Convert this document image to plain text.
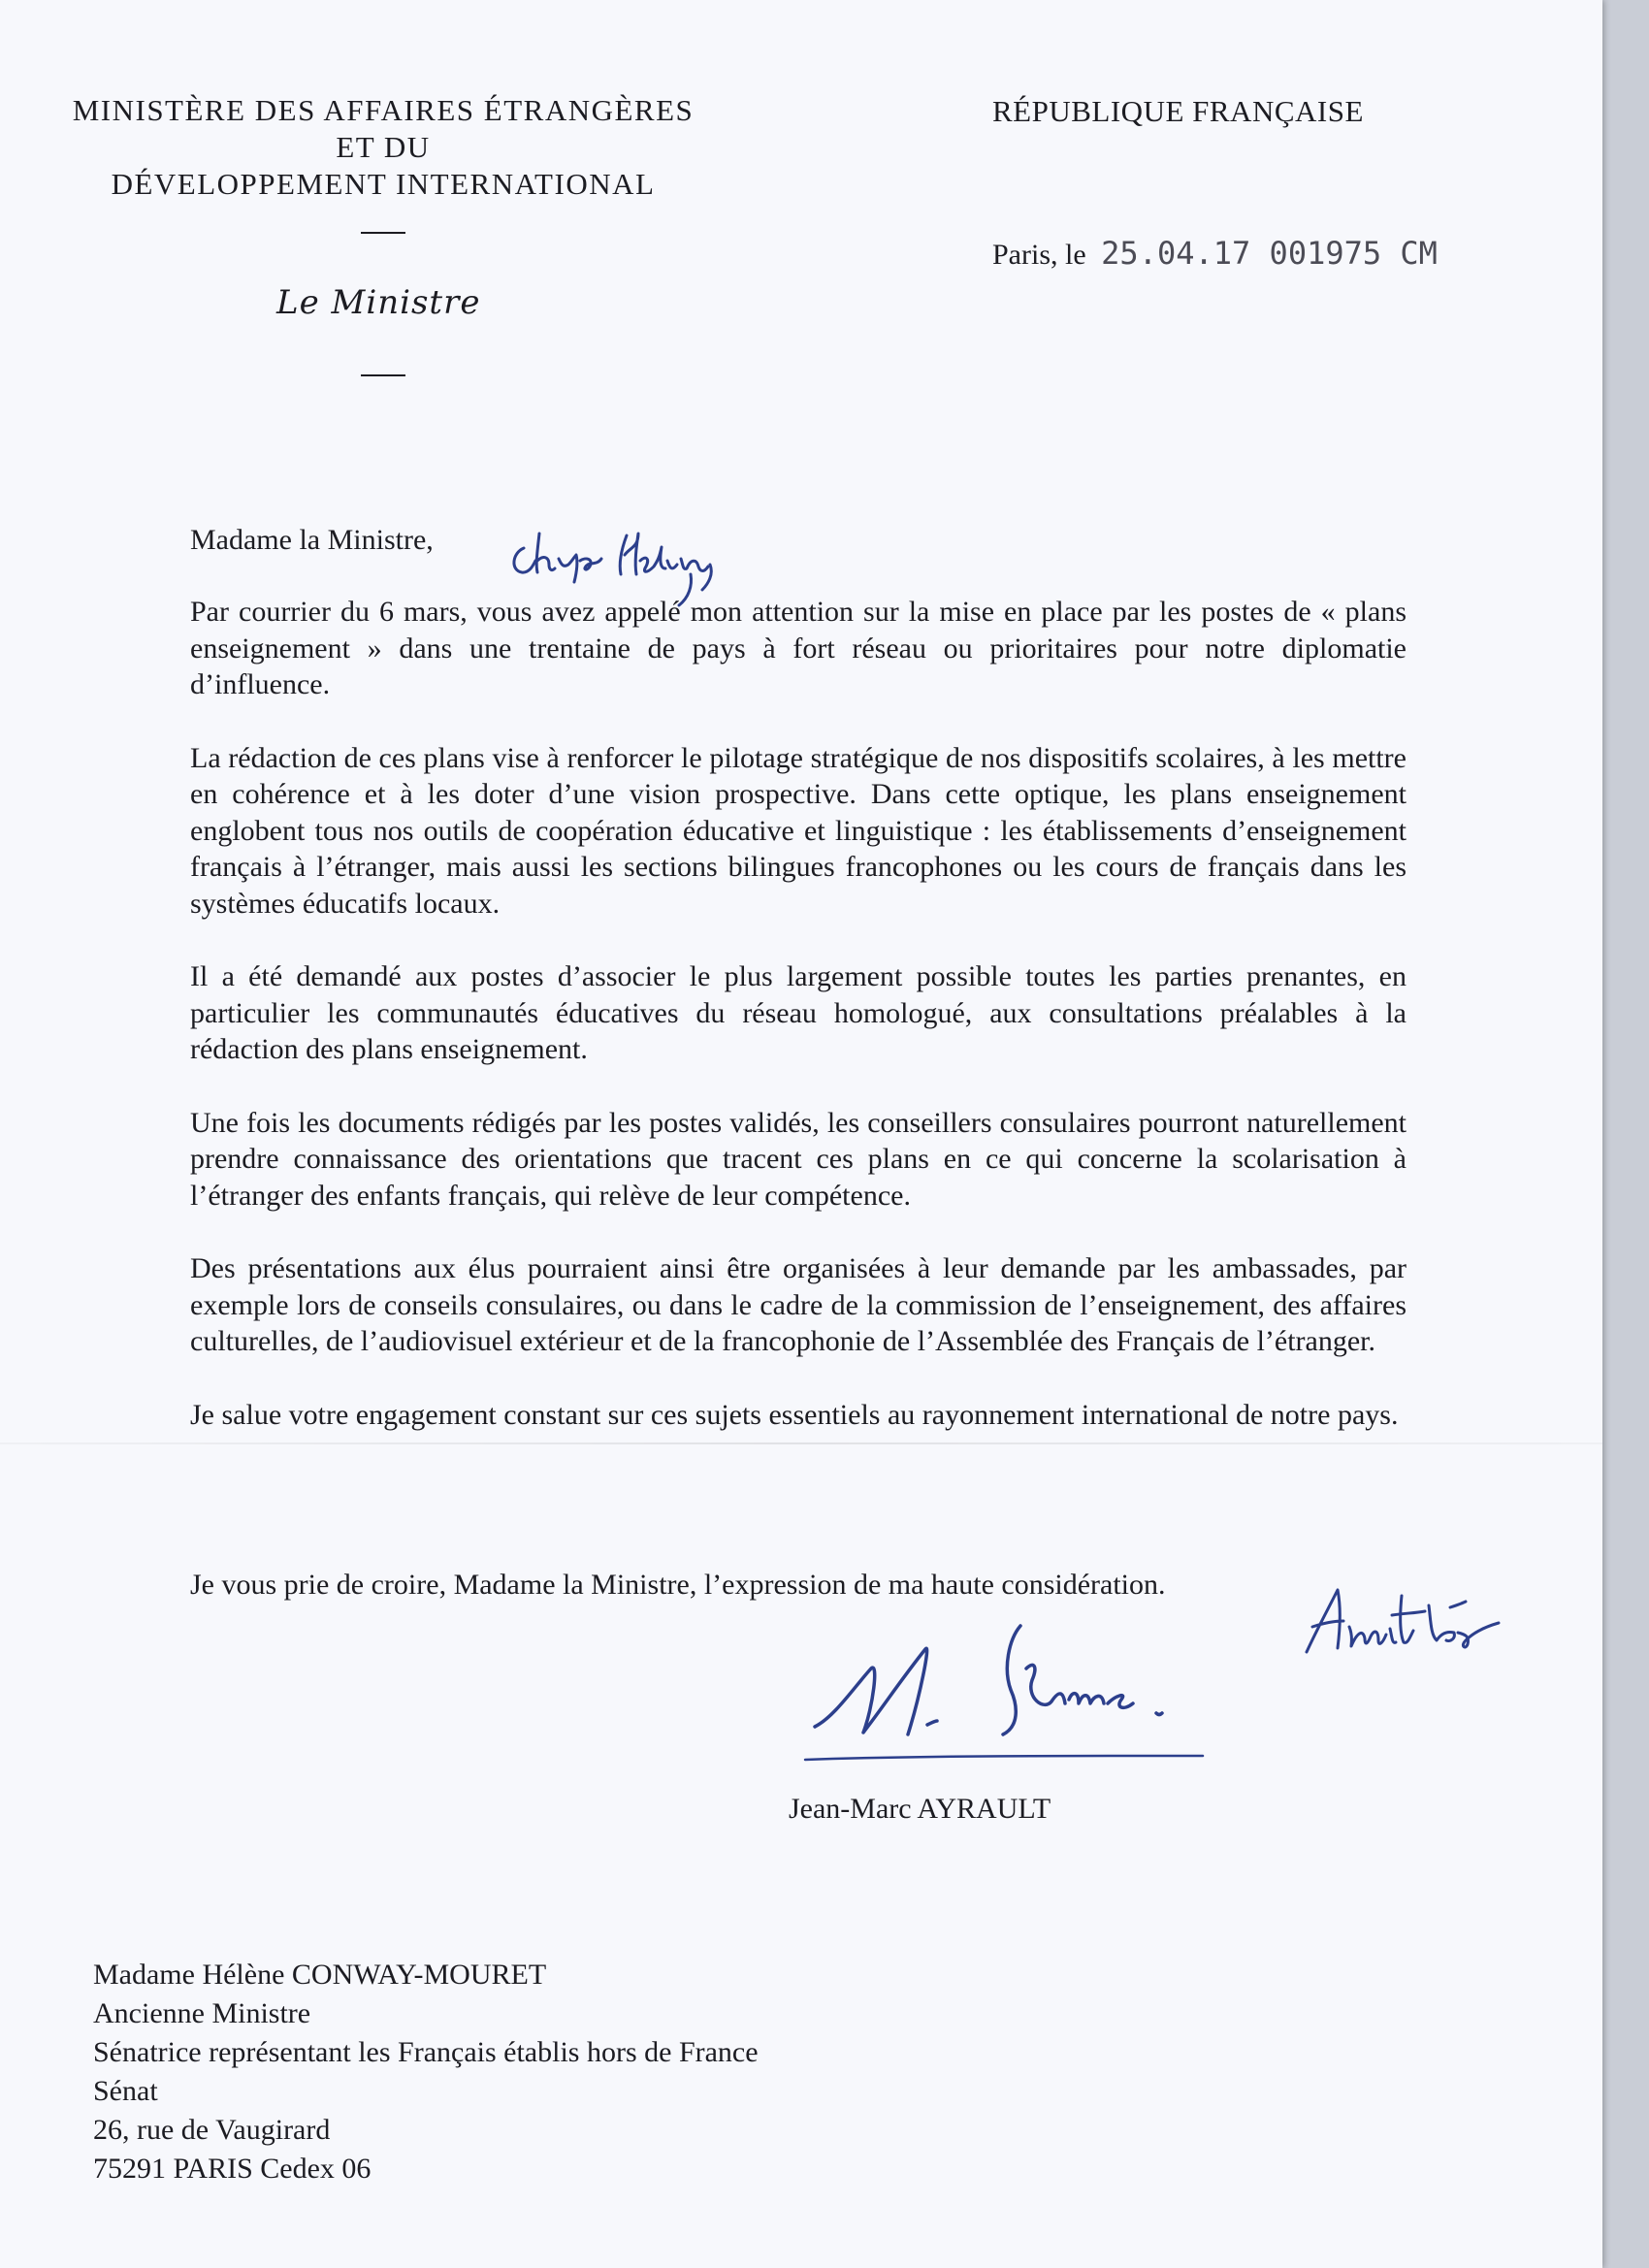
MINISTÈRE DES AFFAIRES ÉTRANGÈRES
ET DU
DÉVELOPPEMENT INTERNATIONAL
Le Ministre
RÉPUBLIQUE FRANÇAISE
Paris, le 25.04.17 001975 CM
Madame la Ministre,

Par courrier du 6 mars, vous avez appelé mon attention sur la mise en place par les postes de « plans enseignement » dans une trentaine de pays à fort réseau ou prioritaires pour notre diplomatie d’influence.

La rédaction de ces plans vise à renforcer le pilotage stratégique de nos dispositifs scolaires, à les mettre en cohérence et à les doter d’une vision prospective. Dans cette optique, les plans enseignement englobent tous nos outils de coopération éducative et linguistique : les établissements d’enseignement français à l’étranger, mais aussi les sections bilingues francophones ou les cours de français dans les systèmes éducatifs locaux.

Il a été demandé aux postes d’associer le plus largement possible toutes les parties prenantes, en particulier les communautés éducatives du réseau homologué, aux consultations préalables à la rédaction des plans enseignement.

Une fois les documents rédigés par les postes validés, les conseillers consulaires pourront naturellement prendre connaissance des orientations que tracent ces plans en ce qui concerne la scolarisation à l’étranger des enfants français, qui relève de leur compétence.

Des présentations aux élus pourraient ainsi être organisées à leur demande par les ambassades, par exemple lors de conseils consulaires, ou dans le cadre de la commission de l’enseignement, des affaires culturelles, de l’audiovisuel extérieur et de la francophonie de l’Assemblée des Français de l’étranger.

Je salue votre engagement constant sur ces sujets essentiels au rayonnement international de notre pays.

Je vous prie de croire, Madame la Ministre, l’expression de ma haute considération.
Jean-Marc AYRAULT
Madame Hélène CONWAY-MOURET
Ancienne Ministre
Sénatrice représentant les Français établis hors de France
Sénat
26, rue de Vaugirard
75291 PARIS Cedex 06
